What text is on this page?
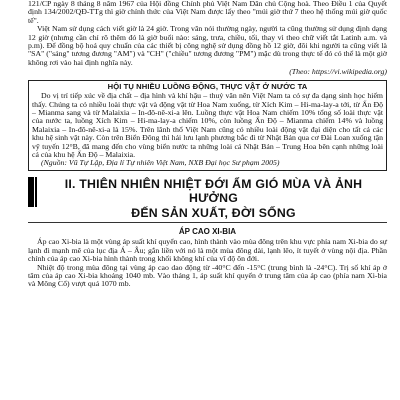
121/CP ngày 8 tháng 8 năm 1967 của Hội đồng Chính phủ Việt Nam Dân chủ Cộng hoà. Theo Điều 1 của Quyết định 134/2002/QĐ-TTg thì giờ chính thức của Việt Nam được lấy theo "múi giờ thứ 7 theo hệ thống múi giờ quốc tế".

Việt Nam sử dụng cách viết giờ là 24 giờ. Trong văn nói thường ngày, người ta cũng thường sử dụng định dạng 12 giờ (nhưng cần chỉ rõ thêm đó là giờ buổi nào: sáng, trưa, chiều, tối, thay vì theo chữ viết tắt Latinh a.m. và p.m). Để đồng bộ hoá quy chuẩn của các thiết bị công nghệ sử dụng đồng hồ 12 giờ, đôi khi người ta cũng viết là "SA" ("sáng" tương đương "AM") và "CH" ("chiều" tương đương "PM") mặc dù trong thực tế đó có thể là một giờ không rơi vào hai định nghĩa này.

(Theo: https://vi.wikipedia.org)
HỘI TỤ NHIỀU LUỒNG ĐỘNG, THỰC VẬT Ở NƯỚC TA

Do vị trí tiếp xúc về địa chất – địa hình và khí hậu – thuỷ văn nên Việt Nam ta có sự đa dạng sinh học hiếm thấy. Chúng ta có nhiều loài thực vật và động vật từ Hoa Nam xuống, từ Xích Kim – Hi-ma-lay-a tới, từ Ấn Độ – Mianma sang và từ Malaixia – In-đô-nê-xi-a lên. Luồng thực vật Hoa Nam chiếm 10% tổng số loài thực vật của nước ta, luồng Xích Kim – Hi-ma-lay-a chiếm 10%, còn luồng Ấn Độ – Mianma chiếm 14% và luồng Malaixia – In-đô-nê-xi-a là 15%. Trên lãnh thổ Việt Nam cũng có nhiều loài động vật đại diện cho tất cả các khu hệ sinh vật này. Còn trên Biển Đông thì hải lưu lạnh phương bắc đi từ Nhật Bản qua cơ Đài Loan xuống tận vỹ tuyến 12°B, đã mang đến cho vùng biển nước ta những loài cá Nhật Bản – Trung Hoa bên cạnh những loài cá của khu hệ Ấn Độ – Malaixia.

(Nguồn: Vũ Tự Lập, Địa lí Tự nhiên Việt Nam, NXB Đại học Sư phạm 2005)
II. THIÊN NHIÊN NHIỆT ĐỚI ẨM GIÓ MÙA VÀ ẢNH HƯỞNG
ĐẾN SẢN XUẤT, ĐỜI SỐNG
ÁP CAO XI-BIA

Áp cao Xi-bia là một vùng áp suất khí quyển cao, hình thành vào mùa đông trên khu vực phía nam Xi-bia do sự lạnh đi mạnh mẽ của lục địa Á – Âu; gắn liền với nó là một mùa đông dài, lạnh lẽo, ít tuyết ở vùng nội địa. Phần chính của áp cao Xi-bia hình thành trong khối không khí của vĩ độ ôn đới.

Nhiệt độ trong mùa đông tại vùng áp cao dao động từ -40°C đến -15°C (trung bình là -24°C). Trị số khí áp ở tâm của áp cao Xi-bia khoảng 1040 mb. Vào tháng 1, áp suất khí quyển ở trung tâm của áp cao (phía nam Xi-bia và Mông Cổ) vượt quá 1070 mb.
